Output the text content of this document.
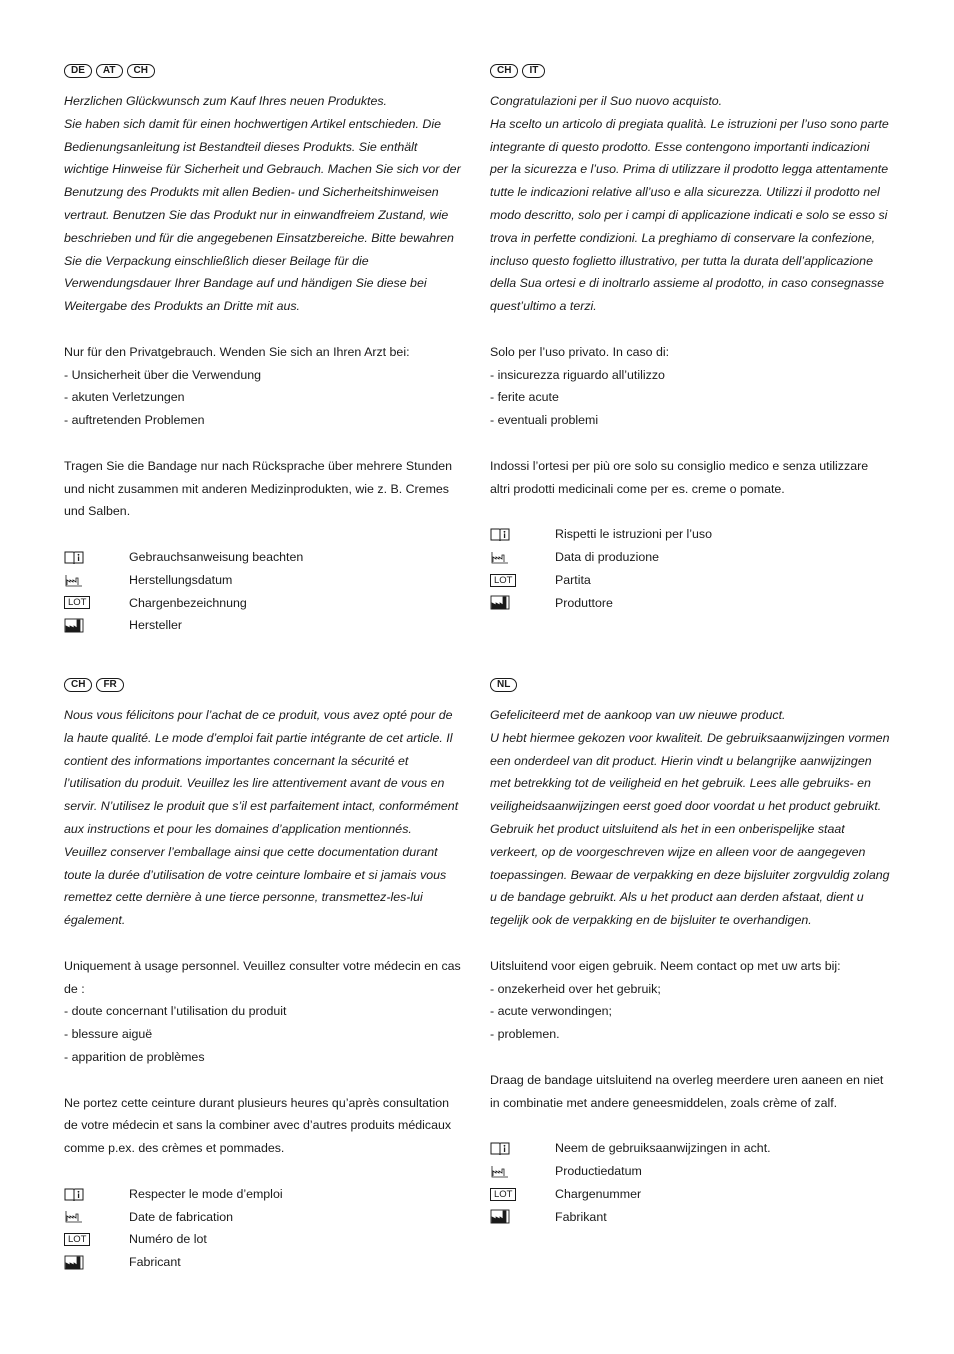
DE	AT	CH

Herzlichen Glückwunsch zum Kauf Ihres neuen Produktes.

Sie haben sich damit für einen hochwertigen Artikel entschieden. Die Bedienungsanleitung ist Bestandteil dieses Produkts. Sie enthält wichtige Hinweise für Sicherheit und Gebrauch. Machen Sie sich vor der Benutzung des Produkts mit allen Bedien- und Sicherheitshinweisen vertraut. Benutzen Sie das Produkt nur in einwandfreiem Zustand, wie beschrieben und für die angegebenen Einsatzbereiche. Bitte bewahren Sie die Verpackung einschließlich dieser Beilage für die Verwendungsdauer Ihrer Bandage auf und händigen Sie diese bei Weitergabe des Produkts an Dritte mit aus.

Nur für den Privatgebrauch. Wenden Sie sich an Ihren Arzt bei:

- Unsicherheit über die Verwendung
- akuten Verletzungen
- auftretenden Problemen

Tragen Sie die Bandage nur nach Rücksprache über mehrere Stunden und nicht zusammen mit anderen Medizinprodukten, wie z. B. Cremes und Salben.

Gebrauchsanweisung beachten
Herstellungsdatum
LOT	Chargenbezeichnung
Hersteller
CH	IT

Congratulazioni per il Suo nuovo acquisto.

Ha scelto un articolo di pregiata qualità. Le istruzioni per l’uso sono parte integrante di questo prodotto. Esse contengono importanti indicazioni per la sicurezza e l’uso. Prima di utilizzare il prodotto legga attentamente tutte le indicazioni relative all’uso e alla sicurezza. Utilizzi il prodotto nel modo descritto, solo per i campi di applicazione indicati e solo se esso si trova in perfette condizioni. La preghiamo di conservare la confezione, incluso questo foglietto illustrativo, per tutta la durata dell’applicazione della Sua ortesi e di inoltrarlo assieme al prodotto, in caso consegnasse quest’ultimo a terzi.

Solo per l’uso privato. In caso di:

- insicurezza riguardo all’utilizzo
- ferite acute
- eventuali problemi

Indossi l’ortesi per più ore solo su consiglio medico e senza utilizzare altri prodotti medicinali come per es. creme o pomate.

Rispetti le istruzioni per l’uso
Data di produzione
LOT	Partita
Produttore
CH	FR

Nous vous félicitons pour l’achat de ce produit, vous avez opté pour de la haute qualité. Le mode d’emploi fait partie intégrante de cet article. Il contient des informations importantes concernant la sécurité et l’utilisation du produit. Veuillez les lire attentivement avant de vous en servir. N’utilisez le produit que s’il est parfaitement intact, conformément aux instructions et pour les domaines d’application mentionnés.

Veuillez conserver l’emballage ainsi que cette documentation durant toute la durée d’utilisation de votre ceinture lombaire et si jamais vous remettez cette dernière à une tierce personne, transmettez-les-lui également.

Uniquement à usage personnel. Veuillez consulter votre médecin en cas de :

- doute concernant l’utilisation du produit
- blessure aiguë
- apparition de problèmes

Ne portez cette ceinture durant plusieurs heures qu’après consultation de votre médecin et sans la combiner avec d’autres produits médicaux comme p.ex. des crèmes et pommades.

Respecter le mode d’emploi
Date de fabrication
LOT	Numéro de lot
Fabricant
NL

Gefeliciteerd met de aankoop van uw nieuwe product.

U hebt hiermee gekozen voor kwaliteit. De gebruiksaanwijzingen vormen een onderdeel van dit product. Hierin vindt u belangrijke aanwijzingen met betrekking tot de veiligheid en het gebruik. Lees alle gebruiks- en veiligheidsaanwijzingen eerst goed door voordat u het product gebruikt. Gebruik het product uitsluitend als het in een onberispelijke staat verkeert, op de voorgeschreven wijze en alleen voor de aangegeven toepassingen. Bewaar de verpakking en deze bijsluiter zorgvuldig zolang u de bandage gebruikt. Als u het product aan derden afstaat, dient u tegelijk ook de verpakking en de bijsluiter te overhandigen.

Uitsluitend voor eigen gebruik. Neem contact op met uw arts bij:

- onzekerheid over het gebruik;
- acute verwondingen;
- problemen.

Draag de bandage uitsluitend na overleg meerdere uren aaneen en niet in combinatie met andere geneesmiddelen, zoals crème of zalf.

Neem de gebruiksaanwijzingen in acht.
Productiedatum
LOT	Chargenummer
Fabrikant
